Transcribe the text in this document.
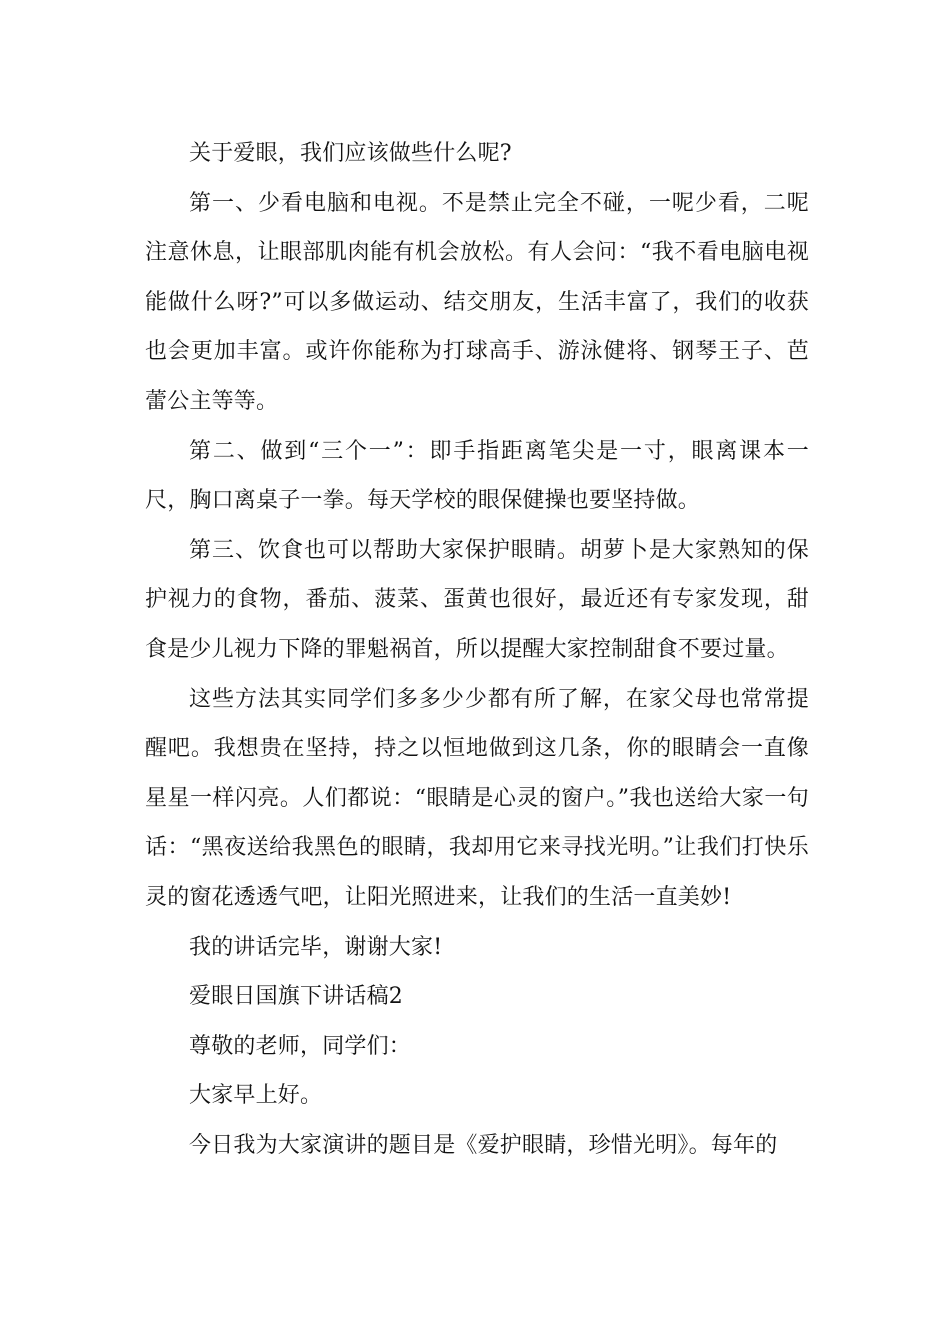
关于爱眼，我们应该做些什么呢?

第一、少看电脑和电视。不是禁止完全不碰，一呢少看，二呢注意休息，让眼部肌肉能有机会放松。有人会问：“我不看电脑电视能做什么呀?”可以多做运动、结交朋友，生活丰富了，我们的收获也会更加丰富。或许你能称为打球高手、游泳健将、钢琴王子、芭蕾公主等等。

第二、做到“三个一”：即手指距离笔尖是一寸，眼离课本一尺，胸口离桌子一拳。每天学校的眼保健操也要坚持做。

第三、饮食也可以帮助大家保护眼睛。胡萝卜是大家熟知的保护视力的食物，番茄、菠菜、蛋黄也很好，最近还有专家发现，甜食是少儿视力下降的罪魁祸首，所以提醒大家控制甜食不要过量。

这些方法其实同学们多多少少都有所了解，在家父母也常常提醒吧。我想贵在坚持，持之以恒地做到这几条，你的眼睛会一直像星星一样闪亮。人们都说：“眼睛是心灵的窗户。”我也送给大家一句话：“黑夜送给我黑色的眼睛，我却用它来寻找光明。”让我们打快乐灵的窗花透透气吧，让阳光照进来，让我们的生活一直美妙!

我的讲话完毕，谢谢大家!

爱眼日国旗下讲话稿2

尊敬的老师，同学们：

大家早上好。

今日我为大家演讲的题目是《爱护眼睛，珍惜光明》。每年的
